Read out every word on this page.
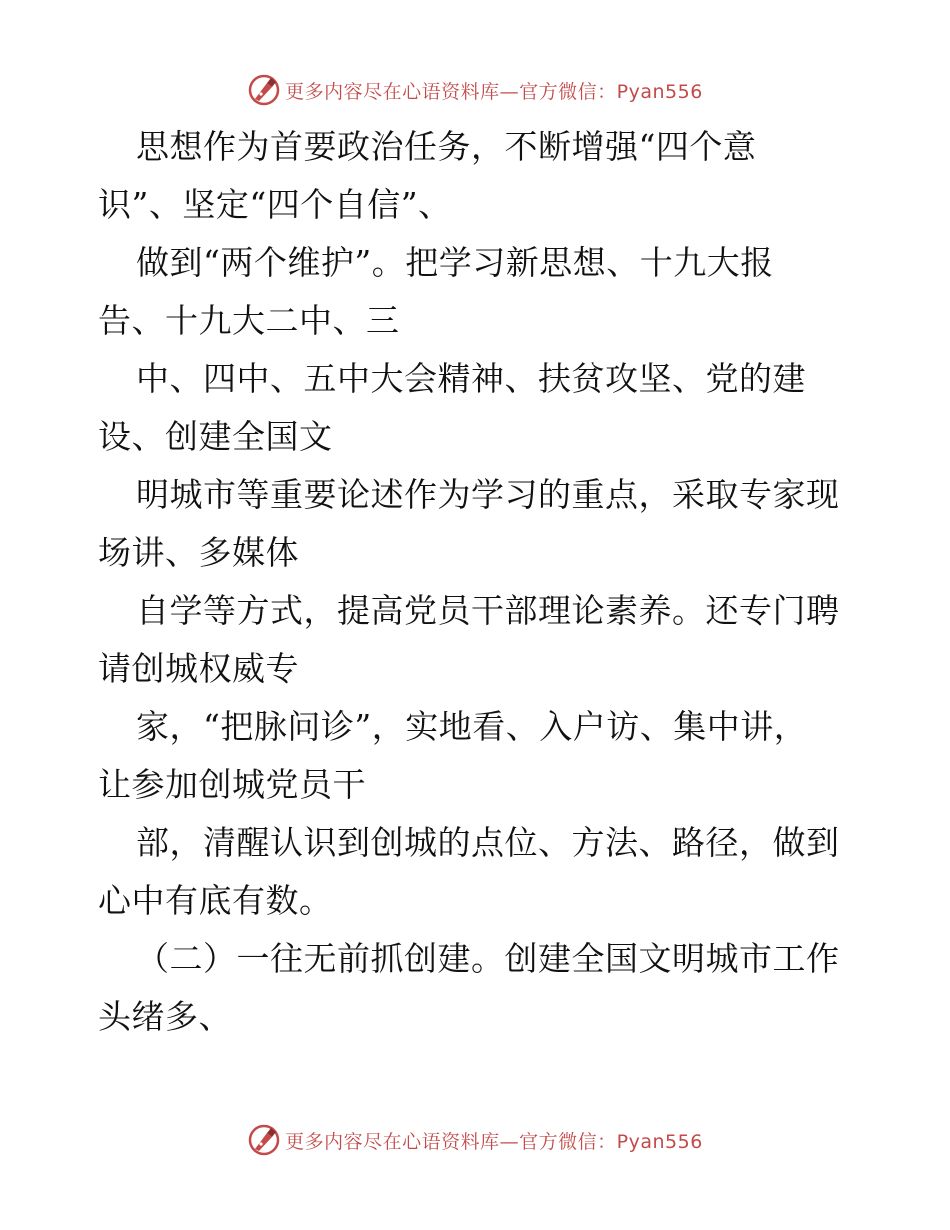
更多内容尽在心语资料库—官方微信：Pyan556
思想作为首要政治任务，不断增强“四个意
识”、坚定“四个自信”、
做到“两个维护”。把学习新思想、十九大报
告、十九大二中、三
中、四中、五中大会精神、扶贫攻坚、党的建
设、创建全国文
明城市等重要论述作为学习的重点，采取专家现
场讲、多媒体
自学等方式，提高党员干部理论素养。还专门聘
请创城权威专
家，“把脉问诊”，实地看、入户访、集中讲，
让参加创城党员干
部，清醒认识到创城的点位、方法、路径，做到
心中有底有数。
（二）一往无前抓创建。创建全国文明城市工作
头绪多、
更多内容尽在心语资料库—官方微信：Pyan556
